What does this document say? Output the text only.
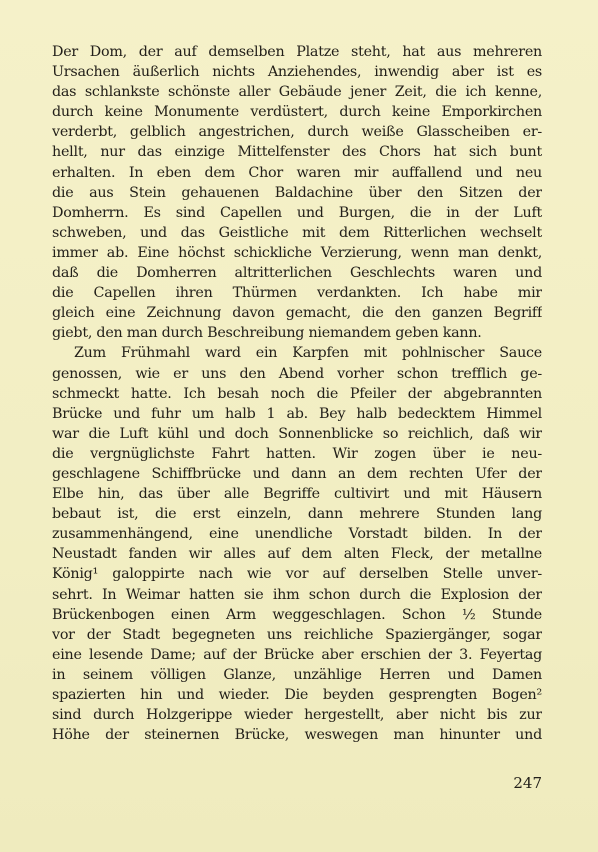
Der Dom, der auf demselben Platze steht, hat aus mehreren
Ursachen äußerlich nichts Anziehendes, inwendig aber ist es
das schlankste schönste aller Gebäude jener Zeit, die ich kenne,
durch keine Monumente verdüstert, durch keine Emporkirchen
verderbt, gelblich angestrichen, durch weiße Glasscheiben er-
hellt, nur das einzige Mittelfenster des Chors hat sich bunt
erhalten. In eben dem Chor waren mir auffallend und neu
die aus Stein gehauenen Baldachine über den Sitzen der
Domherrn. Es sind Capellen und Burgen, die in der Luft
schweben, und das Geistliche mit dem Ritterlichen wechselt
immer ab. Eine höchst schickliche Verzierung, wenn man denkt,
daß die Domherren altritterlichen Geschlechts waren und
die Capellen ihren Thürmen verdankten. Ich habe mir
gleich eine Zeichnung davon gemacht, die den ganzen Begriff
giebt, den man durch Beschreibung niemandem geben kann.
Zum Frühmahl ward ein Karpfen mit pohlnischer Sauce
genossen, wie er uns den Abend vorher schon trefflich ge-
schmeckt hatte. Ich besah noch die Pfeiler der abgebrannten
Brücke und fuhr um halb 1 ab. Bey halb bedecktem Himmel
war die Luft kühl und doch Sonnenblicke so reichlich, daß wir
die vergnüglichste Fahrt hatten. Wir zogen über ie neu-
geschlagene Schiffbrücke und dann an dem rechten Ufer der
Elbe hin, das über alle Begriffe cultivirt und mit Häusern
bebaut ist, die erst einzeln, dann mehrere Stunden lang
zusammenhängend, eine unendliche Vorstadt bilden. In der
Neustadt fanden wir alles auf dem alten Fleck, der metallne
König¹ galoppirte nach wie vor auf derselben Stelle unver-
sehrt. In Weimar hatten sie ihm schon durch die Explosion der
Brückenbogen einen Arm weggeschlagen. Schon ½ Stunde
vor der Stadt begegneten uns reichliche Spaziergänger, sogar
eine lesende Dame; auf der Brücke aber erschien der 3. Feyertag
in seinem völligen Glanze, unzählige Herren und Damen
spazierten hin und wieder. Die beyden gesprengten Bogen²
sind durch Holzgerippe wieder hergestellt, aber nicht bis zur
Höhe der steinernen Brücke, weswegen man hinunter und
247
